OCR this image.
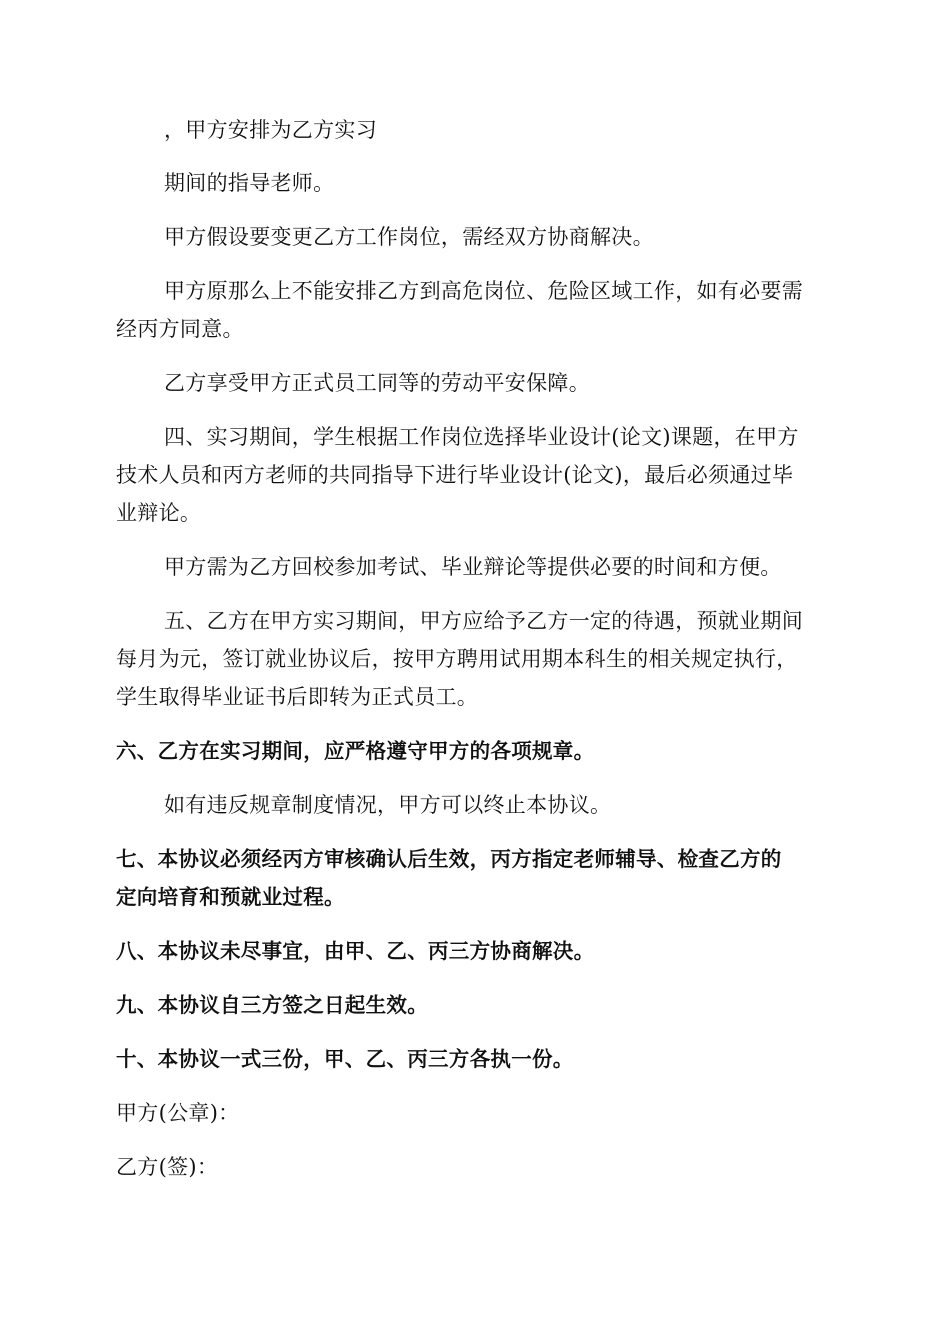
，甲方安排为乙方实习
期间的指导老师。
甲方假设要变更乙方工作岗位，需经双方协商解决。
甲方原那么上不能安排乙方到高危岗位、危险区域工作，如有必要需
经丙方同意。
乙方享受甲方正式员工同等的劳动平安保障。
四、实习期间，学生根据工作岗位选择毕业设计(论文)课题，在甲方
技术人员和丙方老师的共同指导下进行毕业设计(论文)，最后必须通过毕
业辩论。
甲方需为乙方回校参加考试、毕业辩论等提供必要的时间和方便。
五、乙方在甲方实习期间，甲方应给予乙方一定的待遇，预就业期间
每月为元，签订就业协议后，按甲方聘用试用期本科生的相关规定执行，
学生取得毕业证书后即转为正式员工。
六、乙方在实习期间，应严格遵守甲方的各项规章。
如有违反规章制度情况，甲方可以终止本协议。
七、本协议必须经丙方审核确认后生效，丙方指定老师辅导、检查乙方的
定向培育和预就业过程。
八、本协议未尽事宜，由甲、乙、丙三方协商解决。
九、本协议自三方签之日起生效。
十、本协议一式三份，甲、乙、丙三方各执一份。
甲方(公章)：
乙方(签)：
